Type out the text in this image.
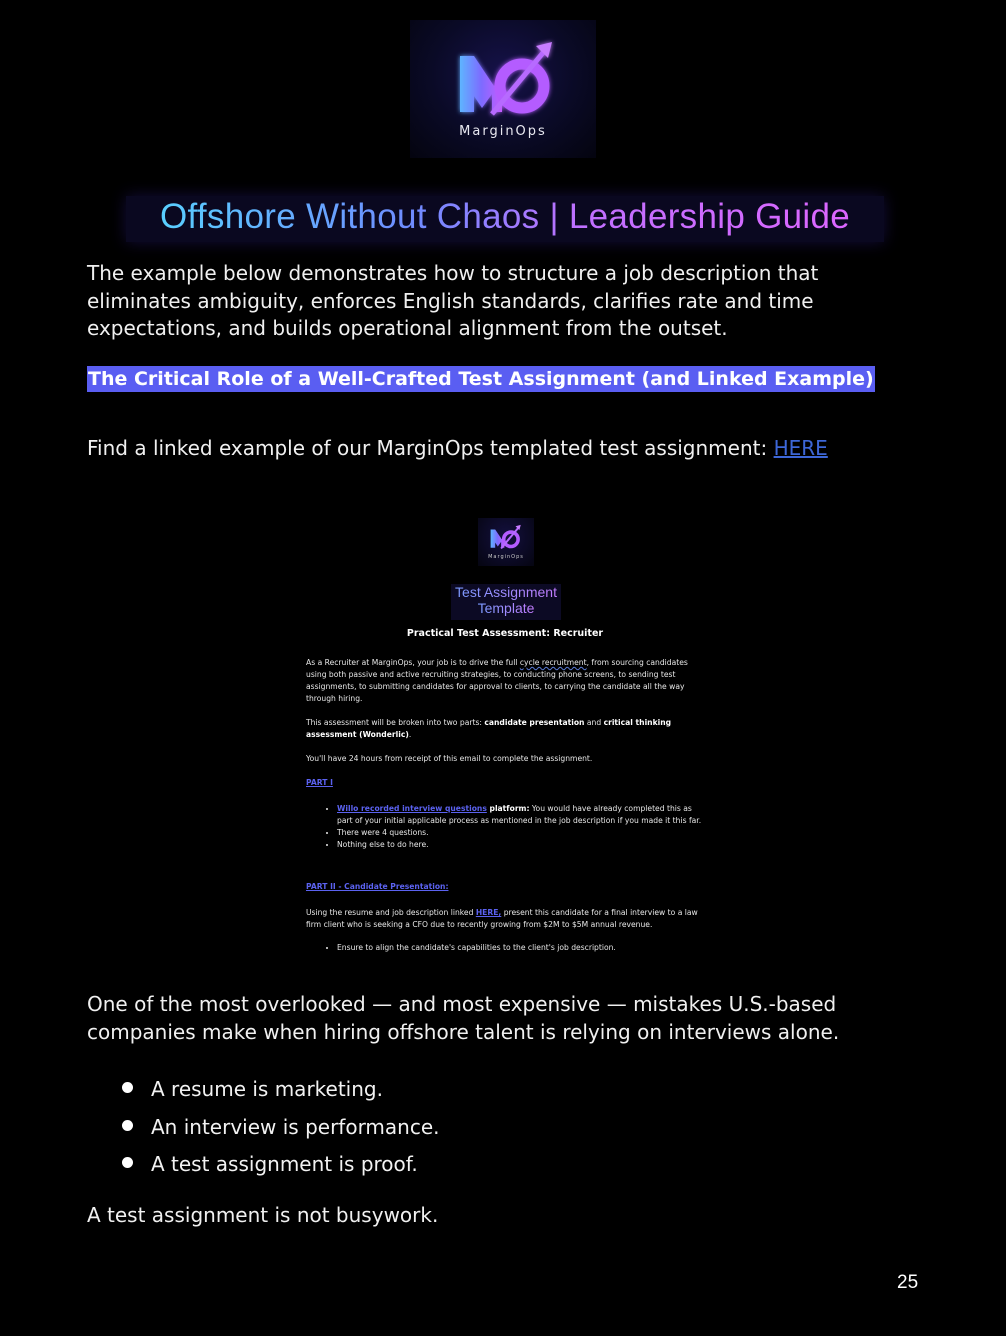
MarginOps
Offshore Without Chaos | Leadership Guide
The example below demonstrates how to structure a job description that eliminates ambiguity, enforces English standards, clarifies rate and time expectations, and builds operational alignment from the outset.
The Critical Role of a Well-Crafted Test Assignment (and Linked Example)
Find a linked example of our MarginOps templated test assignment: HERE
MarginOps
Test Assignment
Template
Practical Test Assessment: Recruiter
As a Recruiter at MarginOps, your job is to drive the full cycle recruitment, from sourcing candidates using both passive and active recruiting strategies, to conducting phone screens, to sending test assignments, to submitting candidates for approval to clients, to carrying the candidate all the way through hiring.
This assessment will be broken into two parts: candidate presentation and critical thinking assessment (Wonderlic).
You'll have 24 hours from receipt of this email to complete the assignment.
PART I
• Willo recorded interview questions platform: You would have already completed this as part of your initial applicable process as mentioned in the job description if you made it this far.
• There were 4 questions.
• Nothing else to do here.
PART II - Candidate Presentation:
Using the resume and job description linked HERE, present this candidate for a final interview to a law firm client who is seeking a CFO due to recently growing from $2M to $5M annual revenue.
• Ensure to align the candidate's capabilities to the client's job description.
One of the most overlooked — and most expensive — mistakes U.S.-based companies make when hiring offshore talent is relying on interviews alone.
A resume is marketing.
An interview is performance.
A test assignment is proof.
A test assignment is not busywork.
25
